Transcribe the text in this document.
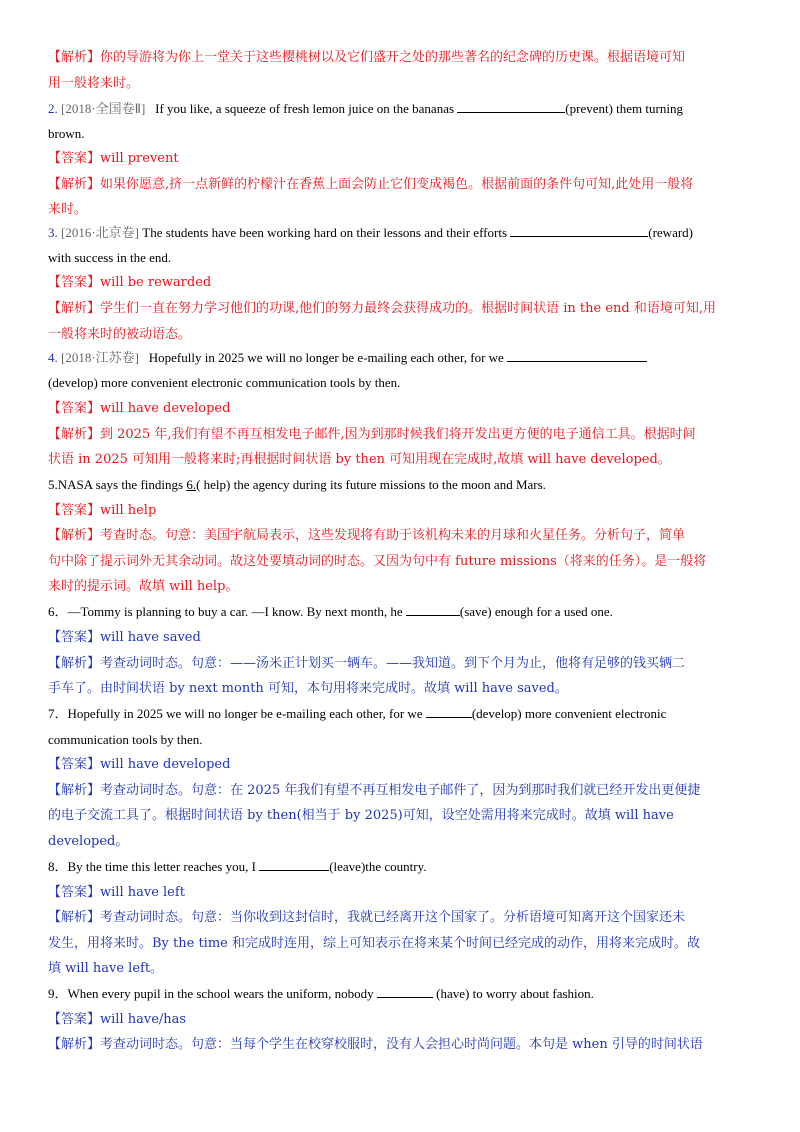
【解析】你的导游将为你上一堂关于这些樱桃树以及它们盛开之处的那些著名的纪念碑的历史课。根据语境可知
用一般将来时。
2. [2018·全国卷Ⅱ] If you like, a squeeze of fresh lemon juice on the bananas	(prevent) them turning
brown.
【答案】will prevent
【解析】如果你愿意,挤一点新鲜的柠檬汁在香蕉上面会防止它们变成褐色。根据前面的条件句可知,此处用一般将
来时。
3. [2016·北京卷] The students have been working hard on their lessons and their efforts	(reward)
with success in the end.
【答案】will be rewarded
【解析】学生们一直在努力学习他们的功课,他们的努力最终会获得成功的。根据时间状语 in the end 和语境可知,用
一般将来时的被动语态。
4. [2018·江苏卷] Hopefully in 2025 we will no longer be e-mailing each other, for we
(develop) more convenient electronic communication tools by then.
【答案】will have developed
【解析】到 2025 年,我们有望不再互相发电子邮件,因为到那时候我们将开发出更方便的电子通信工具。根据时间
状语 in 2025 可知用一般将来时;再根据时间状语 by then 可知用现在完成时,故填 will have developed。
5.NASA says the findings 6.( help) the agency during its future missions to the moon and Mars.
【答案】will help
【解析】考查时态。句意：美国宇航局表示，这些发现将有助于该机构未来的月球和火星任务。分析句子，简单
句中除了提示词外无其余动词。故这处要填动词的时态。又因为句中有 future missions（将来的任务）。是一般将
来时的提示词。故填 will help。
6．—Tommy is planning to buy a car. —I know. By next month, he	(save) enough for a used one.
【答案】will have saved
【解析】考查动词时态。句意：——汤米正计划买一辆车。——我知道。到下个月为止，他将有足够的钱买辆二
手车了。由时间状语 by next month 可知，本句用将来完成时。故填 will have saved。
7．Hopefully in 2025 we will no longer be e-mailing each other, for we	(develop) more convenient electronic
communication tools by then.
【答案】will have developed
【解析】考查动词时态。句意：在 2025 年我们有望不再互相发电子邮件了，因为到那时我们就已经开发出更便捷
的电子交流工具了。根据时间状语 by then(相当于 by 2025)可知，设空处需用将来完成时。故填 will have
developed。
8．By the time this letter reaches you, I	(leave)the country.
【答案】will have left
【解析】考查动词时态。句意：当你收到这封信时，我就已经离开这个国家了。分析语境可知离开这个国家还未
发生，用将来时。By the time 和完成时连用，综上可知表示在将来某个时间已经完成的动作，用将来完成时。故
填 will have left。
9．When every pupil in the school wears the uniform, nobody	(have) to worry about fashion.
【答案】will have/has
【解析】考查动词时态。句意：当每个学生在校穿校服时，没有人会担心时尚问题。本句是 when 引导的时间状语
